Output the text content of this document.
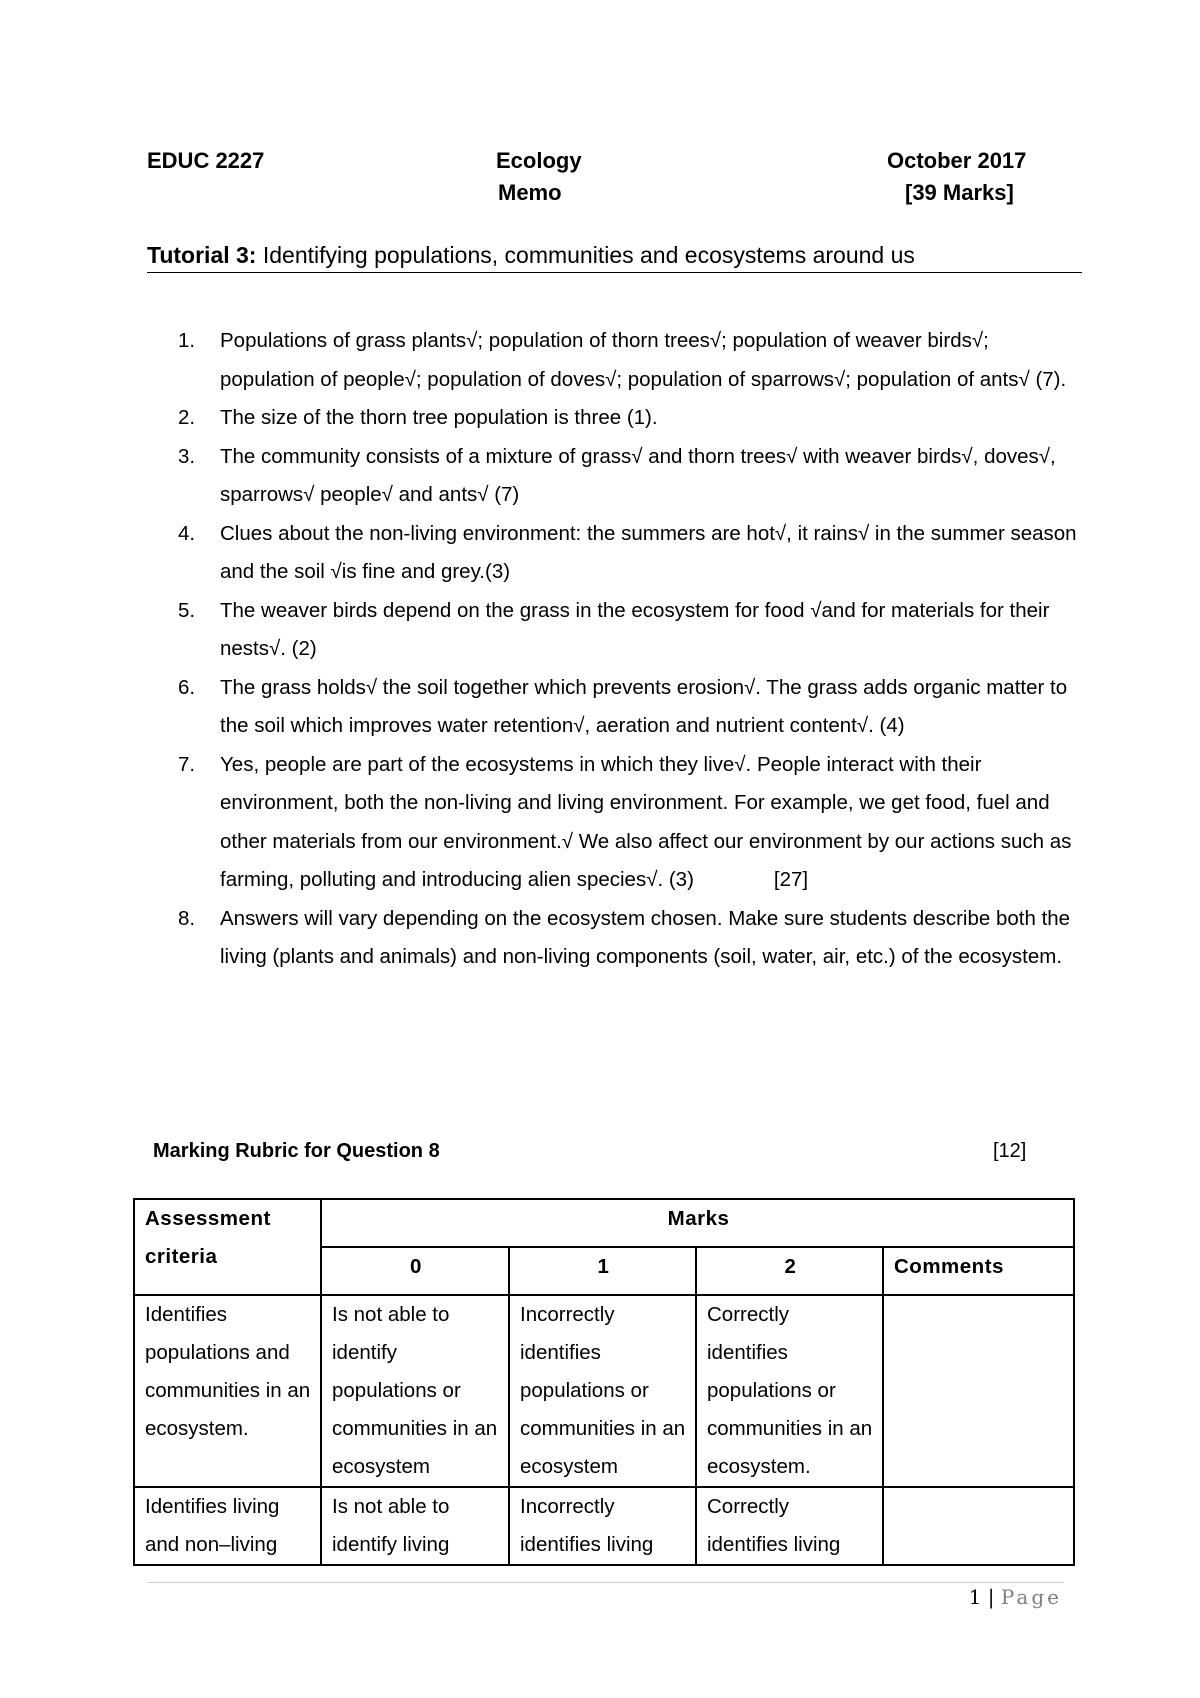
EDUC 2227	Ecology
Memo
October 2017
[39 Marks]
Tutorial 3: Identifying populations, communities and ecosystems around us
1. Populations of grass plants√; population of thorn trees√; population of weaver birds√; population of people√; population of doves√; population of sparrows√; population of ants√ (7).
2. The size of the thorn tree population is three (1).
3. The community consists of a mixture of grass√ and thorn trees√ with weaver birds√, doves√, sparrows√ people√ and ants√ (7)
4. Clues about the non-living environment: the summers are hot√, it rains√ in the summer season and the soil √is fine and grey.(3)
5. The weaver birds depend on the grass in the ecosystem for food √and for materials for their nests√. (2)
6. The grass holds√ the soil together which prevents erosion√. The grass adds organic matter to the soil which improves water retention√, aeration and nutrient content√. (4)
7. Yes, people are part of the ecosystems in which they live√. People interact with their environment, both the non-living and living environment. For example, we get food, fuel and other materials from our environment.√ We also affect our environment by our actions such as farming, polluting and introducing alien species√. (3)	[27]
8. Answers will vary depending on the ecosystem chosen. Make sure students describe both the living (plants and animals) and non-living components (soil, water, air, etc.) of the ecosystem.
Marking Rubric for Question 8	[12]
Assessment criteria	Marks			
	0	1	2	Comments
Identifies populations and communities in an ecosystem.	Is not able to identify populations or communities in an ecosystem	Incorrectly identifies populations or communities in an ecosystem	Correctly identifies populations or communities in an ecosystem.	
Identifies living and non–living	Is not able to identify living	Incorrectly identifies living	Correctly identifies living	
1 | Page
